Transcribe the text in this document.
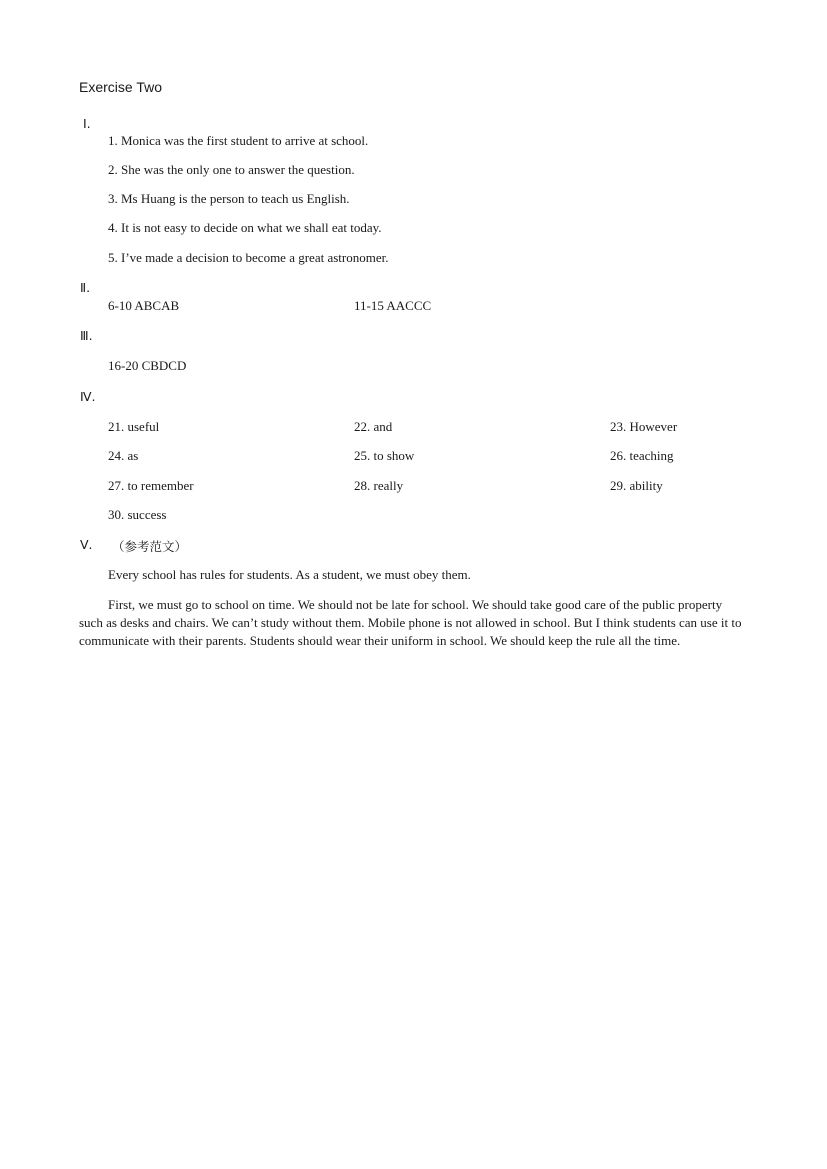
Exercise Two
Ⅰ.
1. Monica was the first student to arrive at school.
2. She was the only one to answer the question.
3. Ms Huang is the person to teach us English.
4. It is not easy to decide on what we shall eat today.
5. I’ve made a decision to become a great astronomer.
Ⅱ.
6-10 ABCAB	11-15 AACCC
Ⅲ.
16-20 CBDCD
Ⅳ.
21. useful	22. and	23. However
24. as	25. to show	26. teaching
27. to remember	28. really	29. ability
30. success
Ⅴ. （参考范文）
Every school has rules for students. As a student, we must obey them.
First, we must go to school on time. We should not be late for school. We should take good care of the public property such as desks and chairs. We can’t study without them. Mobile phone is not allowed in school. But I think students can use it to communicate with their parents. Students should wear their uniform in school. We should keep the rule all the time.
